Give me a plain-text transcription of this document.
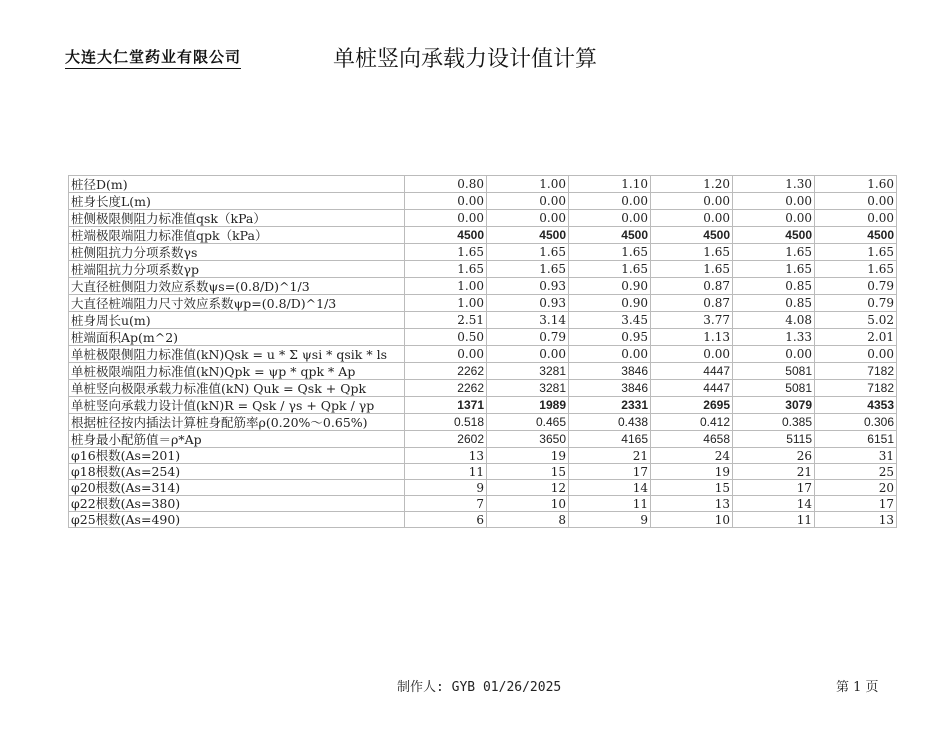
大连大仁堂药业有限公司	单桩竖向承载力设计值计算
桩径D(m)	0.80	1.00	1.10	1.20	1.30	1.60
桩身长度L(m)	0.00	0.00	0.00	0.00	0.00	0.00
桩侧极限侧阻力标准值qsk（kPa）	0.00	0.00	0.00	0.00	0.00	0.00
桩端极限端阻力标准值qpk（kPa）	4500	4500	4500	4500	4500	4500
桩侧阻抗力分项系数γs	1.65	1.65	1.65	1.65	1.65	1.65
桩端阻抗力分项系数γp	1.65	1.65	1.65	1.65	1.65	1.65
大直径桩侧阻力效应系数ψs=(0.8/D)^1/3	1.00	0.93	0.90	0.87	0.85	0.79
大直径桩端阻力尺寸效应系数ψp=(0.8/D)^1/3	1.00	0.93	0.90	0.87	0.85	0.79
桩身周长u(m)	2.51	3.14	3.45	3.77	4.08	5.02
桩端面积Ap(m^2)	0.50	0.79	0.95	1.13	1.33	2.01
单桩极限侧阻力标准值(kN)Qsk = u * Σ ψsi * qsik * ls	0.00	0.00	0.00	0.00	0.00	0.00
单桩极限端阻力标准值(kN)Qpk = ψp * qpk * Ap	2262	3281	3846	4447	5081	7182
单桩竖向极限承载力标准值(kN) Quk = Qsk + Qpk	2262	3281	3846	4447	5081	7182
单桩竖向承载力设计值(kN)R = Qsk / γs + Qpk / γp	1371	1989	2331	2695	3079	4353
根据桩径按内插法计算桩身配筋率ρ(0.20%～0.65%)	0.518	0.465	0.438	0.412	0.385	0.306
桩身最小配筋值＝ρ*Ap	2602	3650	4165	4658	5115	6151
φ16根数(As=201)	13	19	21	24	26	31
φ18根数(As=254)	11	15	17	19	21	25
φ20根数(As=314)	9	12	14	15	17	20
φ22根数(As=380)	7	10	11	13	14	17
φ25根数(As=490)	6	8	9	10	11	13
制作人: GYB 01/26/2025	第 1 页
